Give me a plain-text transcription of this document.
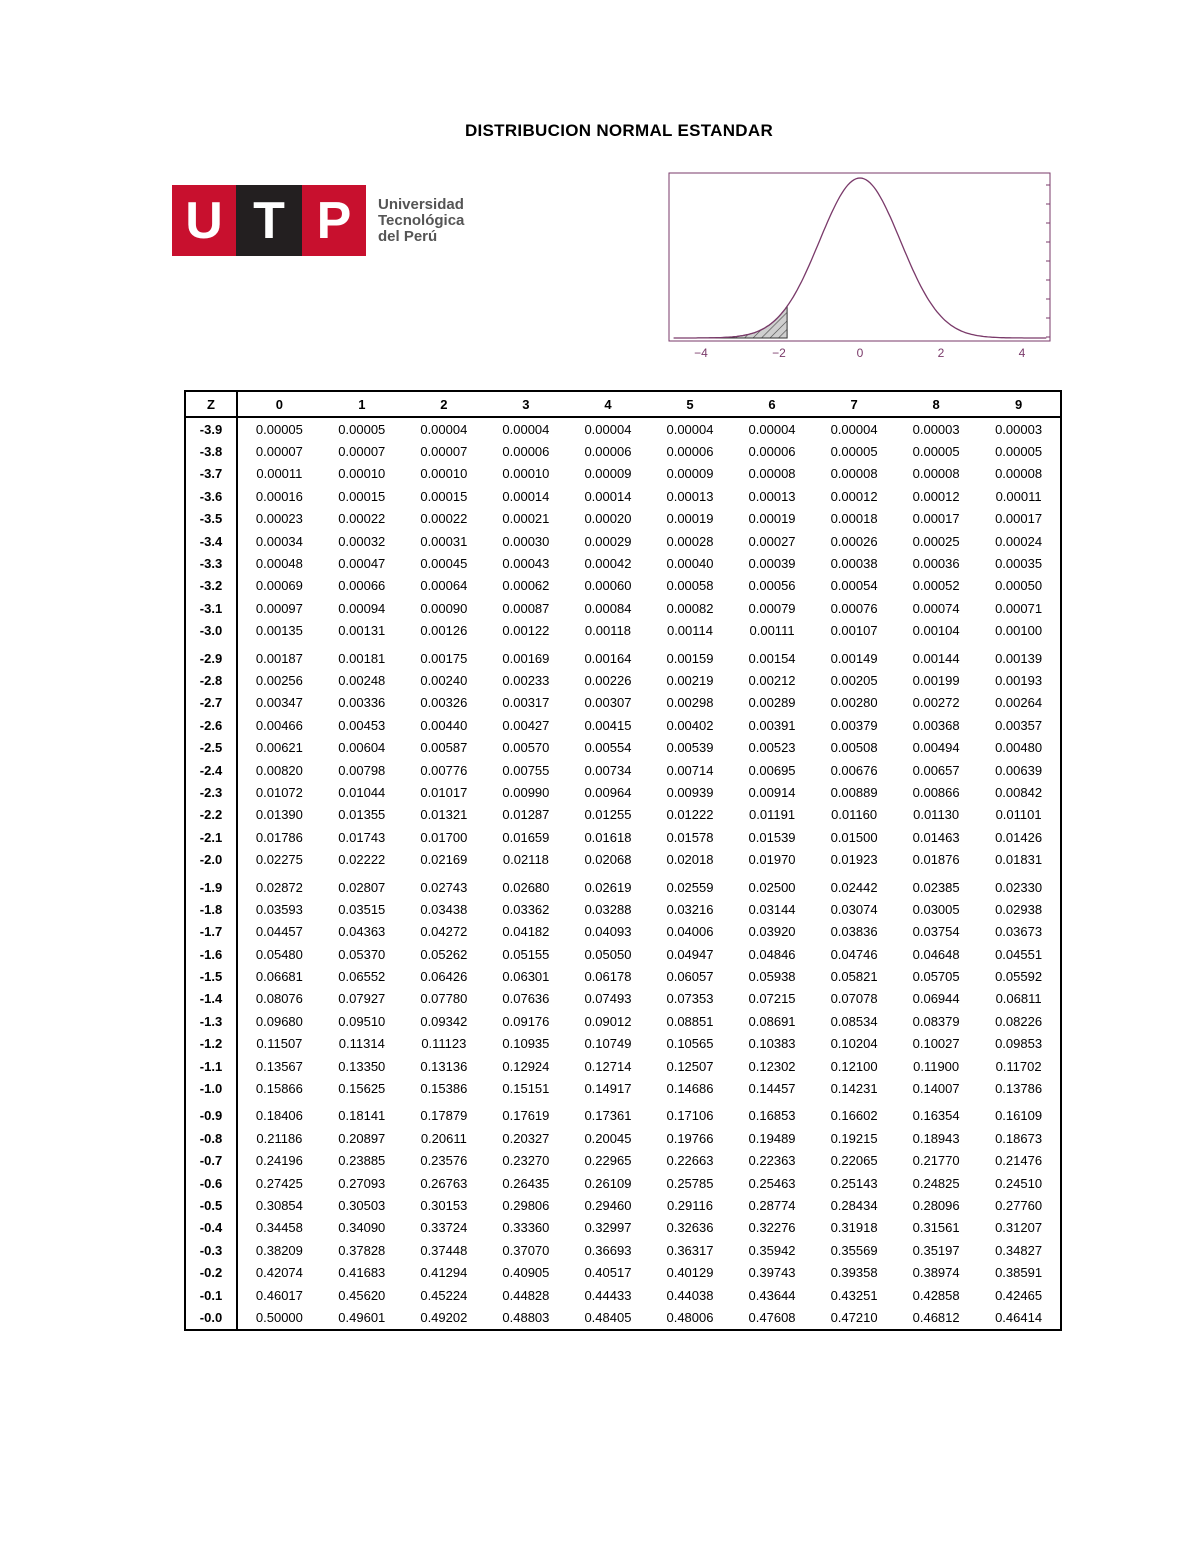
DISTRIBUCION NORMAL ESTANDAR
U T P	Universidad
Tecnológica
del Perú
−4	−2	0	2	4
Z	0	1	2	3	4	5	6	7	8	9
-3.9	0.00005	0.00005	0.00004	0.00004	0.00004	0.00004	0.00004	0.00004	0.00003	0.00003
-3.8	0.00007	0.00007	0.00007	0.00006	0.00006	0.00006	0.00006	0.00005	0.00005	0.00005
-3.7	0.00011	0.00010	0.00010	0.00010	0.00009	0.00009	0.00008	0.00008	0.00008	0.00008
-3.6	0.00016	0.00015	0.00015	0.00014	0.00014	0.00013	0.00013	0.00012	0.00012	0.00011
-3.5	0.00023	0.00022	0.00022	0.00021	0.00020	0.00019	0.00019	0.00018	0.00017	0.00017
-3.4	0.00034	0.00032	0.00031	0.00030	0.00029	0.00028	0.00027	0.00026	0.00025	0.00024
-3.3	0.00048	0.00047	0.00045	0.00043	0.00042	0.00040	0.00039	0.00038	0.00036	0.00035
-3.2	0.00069	0.00066	0.00064	0.00062	0.00060	0.00058	0.00056	0.00054	0.00052	0.00050
-3.1	0.00097	0.00094	0.00090	0.00087	0.00084	0.00082	0.00079	0.00076	0.00074	0.00071
-3.0	0.00135	0.00131	0.00126	0.00122	0.00118	0.00114	0.00111	0.00107	0.00104	0.00100
-2.9	0.00187	0.00181	0.00175	0.00169	0.00164	0.00159	0.00154	0.00149	0.00144	0.00139
-2.8	0.00256	0.00248	0.00240	0.00233	0.00226	0.00219	0.00212	0.00205	0.00199	0.00193
-2.7	0.00347	0.00336	0.00326	0.00317	0.00307	0.00298	0.00289	0.00280	0.00272	0.00264
-2.6	0.00466	0.00453	0.00440	0.00427	0.00415	0.00402	0.00391	0.00379	0.00368	0.00357
-2.5	0.00621	0.00604	0.00587	0.00570	0.00554	0.00539	0.00523	0.00508	0.00494	0.00480
-2.4	0.00820	0.00798	0.00776	0.00755	0.00734	0.00714	0.00695	0.00676	0.00657	0.00639
-2.3	0.01072	0.01044	0.01017	0.00990	0.00964	0.00939	0.00914	0.00889	0.00866	0.00842
-2.2	0.01390	0.01355	0.01321	0.01287	0.01255	0.01222	0.01191	0.01160	0.01130	0.01101
-2.1	0.01786	0.01743	0.01700	0.01659	0.01618	0.01578	0.01539	0.01500	0.01463	0.01426
-2.0	0.02275	0.02222	0.02169	0.02118	0.02068	0.02018	0.01970	0.01923	0.01876	0.01831
-1.9	0.02872	0.02807	0.02743	0.02680	0.02619	0.02559	0.02500	0.02442	0.02385	0.02330
-1.8	0.03593	0.03515	0.03438	0.03362	0.03288	0.03216	0.03144	0.03074	0.03005	0.02938
-1.7	0.04457	0.04363	0.04272	0.04182	0.04093	0.04006	0.03920	0.03836	0.03754	0.03673
-1.6	0.05480	0.05370	0.05262	0.05155	0.05050	0.04947	0.04846	0.04746	0.04648	0.04551
-1.5	0.06681	0.06552	0.06426	0.06301	0.06178	0.06057	0.05938	0.05821	0.05705	0.05592
-1.4	0.08076	0.07927	0.07780	0.07636	0.07493	0.07353	0.07215	0.07078	0.06944	0.06811
-1.3	0.09680	0.09510	0.09342	0.09176	0.09012	0.08851	0.08691	0.08534	0.08379	0.08226
-1.2	0.11507	0.11314	0.11123	0.10935	0.10749	0.10565	0.10383	0.10204	0.10027	0.09853
-1.1	0.13567	0.13350	0.13136	0.12924	0.12714	0.12507	0.12302	0.12100	0.11900	0.11702
-1.0	0.15866	0.15625	0.15386	0.15151	0.14917	0.14686	0.14457	0.14231	0.14007	0.13786
-0.9	0.18406	0.18141	0.17879	0.17619	0.17361	0.17106	0.16853	0.16602	0.16354	0.16109
-0.8	0.21186	0.20897	0.20611	0.20327	0.20045	0.19766	0.19489	0.19215	0.18943	0.18673
-0.7	0.24196	0.23885	0.23576	0.23270	0.22965	0.22663	0.22363	0.22065	0.21770	0.21476
-0.6	0.27425	0.27093	0.26763	0.26435	0.26109	0.25785	0.25463	0.25143	0.24825	0.24510
-0.5	0.30854	0.30503	0.30153	0.29806	0.29460	0.29116	0.28774	0.28434	0.28096	0.27760
-0.4	0.34458	0.34090	0.33724	0.33360	0.32997	0.32636	0.32276	0.31918	0.31561	0.31207
-0.3	0.38209	0.37828	0.37448	0.37070	0.36693	0.36317	0.35942	0.35569	0.35197	0.34827
-0.2	0.42074	0.41683	0.41294	0.40905	0.40517	0.40129	0.39743	0.39358	0.38974	0.38591
-0.1	0.46017	0.45620	0.45224	0.44828	0.44433	0.44038	0.43644	0.43251	0.42858	0.42465
-0.0	0.50000	0.49601	0.49202	0.48803	0.48405	0.48006	0.47608	0.47210	0.46812	0.46414
